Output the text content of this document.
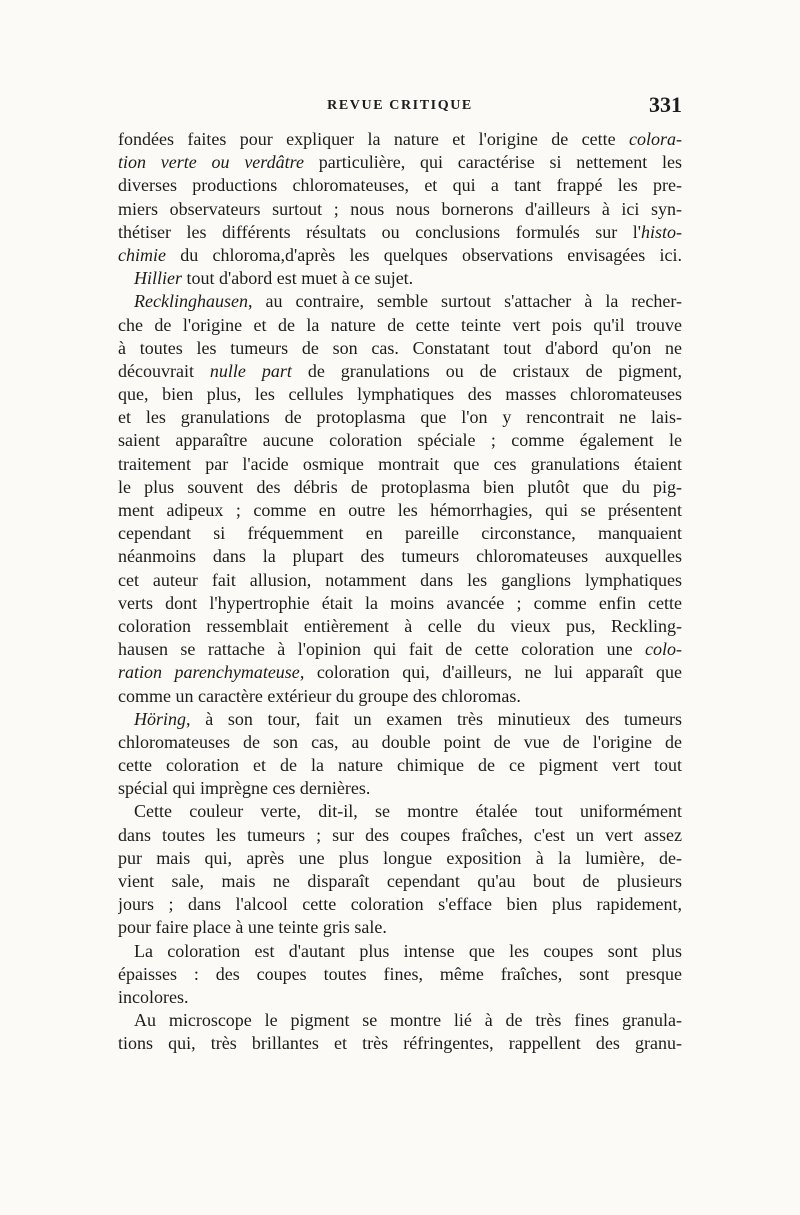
REVUE CRITIQUE	331
fondées faites pour expliquer la nature et l'origine de cette colora-
tion verte ou verdâtre particulière, qui caractérise si nettement les
diverses productions chloromateuses, et qui a tant frappé les pre-
miers observateurs surtout ; nous nous bornerons d'ailleurs à ici syn-
thétiser les différents résultats ou conclusions formulés sur l'histo-
chimie du chloroma,d'après les quelques observations envisagées ici.
Hillier tout d'abord est muet à ce sujet.
Recklinghausen, au contraire, semble surtout s'attacher à la recher-
che de l'origine et de la nature de cette teinte vert pois qu'il trouve
à toutes les tumeurs de son cas. Constatant tout d'abord qu'on ne
découvrait nulle part de granulations ou de cristaux de pigment,
que, bien plus, les cellules lymphatiques des masses chloromateuses
et les granulations de protoplasma que l'on y rencontrait ne lais-
saient apparaître aucune coloration spéciale ; comme également le
traitement par l'acide osmique montrait que ces granulations étaient
le plus souvent des débris de protoplasma bien plutôt que du pig-
ment adipeux ; comme en outre les hémorrhagies, qui se présentent
cependant si fréquemment en pareille circonstance, manquaient
néanmoins dans la plupart des tumeurs chloromateuses auxquelles
cet auteur fait allusion, notamment dans les ganglions lymphatiques
verts dont l'hypertrophie était la moins avancée ; comme enfin cette
coloration ressemblait entièrement à celle du vieux pus, Reckling-
hausen se rattache à l'opinion qui fait de cette coloration une colo-
ration parenchymateuse, coloration qui, d'ailleurs, ne lui apparaît que
comme un caractère extérieur du groupe des chloromas.
Höring, à son tour, fait un examen très minutieux des tumeurs
chloromateuses de son cas, au double point de vue de l'origine de
cette coloration et de la nature chimique de ce pigment vert tout
spécial qui imprègne ces dernières.
Cette couleur verte, dit-il, se montre étalée tout uniformément
dans toutes les tumeurs ; sur des coupes fraîches, c'est un vert assez
pur mais qui, après une plus longue exposition à la lumière, de-
vient sale, mais ne disparaît cependant qu'au bout de plusieurs
jours ; dans l'alcool cette coloration s'efface bien plus rapidement,
pour faire place à une teinte gris sale.
La coloration est d'autant plus intense que les coupes sont plus
épaisses : des coupes toutes fines, même fraîches, sont presque
incolores.
Au microscope le pigment se montre lié à de très fines granula-
tions qui, très brillantes et très réfringentes, rappellent des granu-
